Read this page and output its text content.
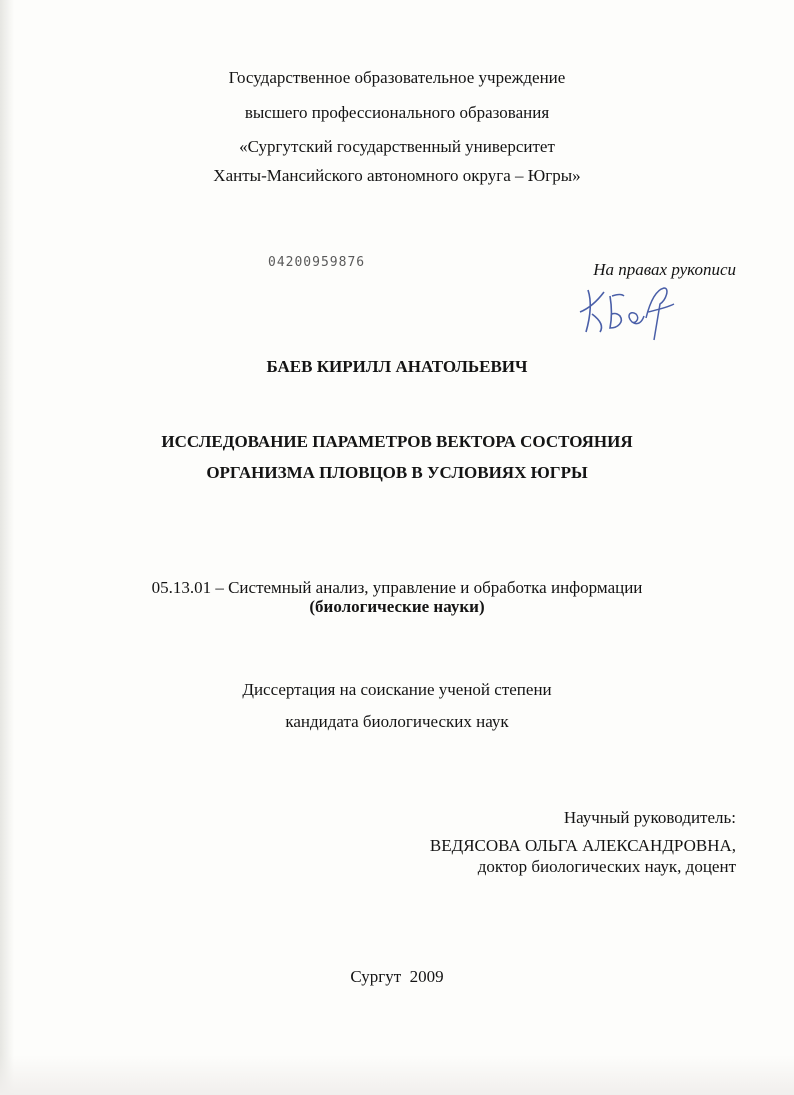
Государственное образовательное учреждение
высшего профессионального образования
«Сургутский государственный университет
Ханты-Мансийского автономного округа – Югры»
04200959876	На правах рукописи
БАЕВ КИРИЛЛ АНАТОЛЬЕВИЧ
ИССЛЕДОВАНИЕ ПАРАМЕТРОВ ВЕКТОРА СОСТОЯНИЯ
ОРГАНИЗМА ПЛОВЦОВ В УСЛОВИЯХ ЮГРЫ
05.13.01 – Системный анализ, управление и обработка информации
(биологические науки)
Диссертация на соискание ученой степени
кандидата биологических наук
Научный руководитель:
ВЕДЯСОВА ОЛЬГА АЛЕКСАНДРОВНА,
доктор биологических наук, доцент
Сургут  2009
